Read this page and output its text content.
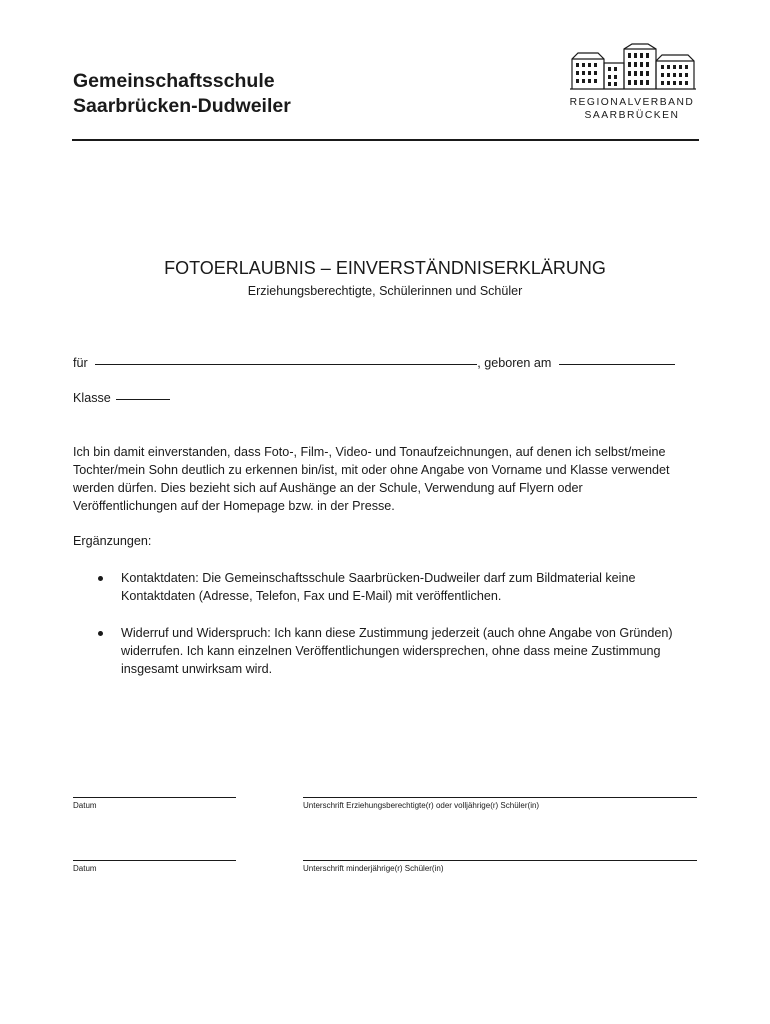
Gemeinschaftsschule
Saarbrücken-Dudweiler	REGIONALVERBAND
SAARBRÜCKEN
FOTOERLAUBNIS – EINVERSTÄNDNISERKLÄRUNG
Erziehungsberechtigte, Schülerinnen und Schüler
für	, geboren am
Klasse
Ich bin damit einverstanden, dass Foto-, Film-, Video- und Tonaufzeichnungen, auf denen ich selbst/meine Tochter/mein Sohn deutlich zu erkennen bin/ist, mit oder ohne Angabe von Vorname und Klasse verwendet werden dürfen. Dies bezieht sich auf Aushänge an der Schule, Verwendung auf Flyern oder Veröffentlichungen auf der Homepage bzw. in der Presse.
Ergänzungen:
Kontaktdaten: Die Gemeinschaftsschule Saarbrücken-Dudweiler darf zum Bildmaterial keine Kontaktdaten (Adresse, Telefon, Fax und E-Mail) mit veröffentlichen.
Widerruf und Widerspruch: Ich kann diese Zustimmung jederzeit (auch ohne Angabe von Gründen) widerrufen. Ich kann einzelnen Veröffentlichungen widersprechen, ohne dass meine Zustimmung insgesamt unwirksam wird.
Datum	Unterschrift Erziehungsberechtigte(r) oder volljährige(r) Schüler(in)
Datum	Unterschrift minderjährige(r) Schüler(in)
